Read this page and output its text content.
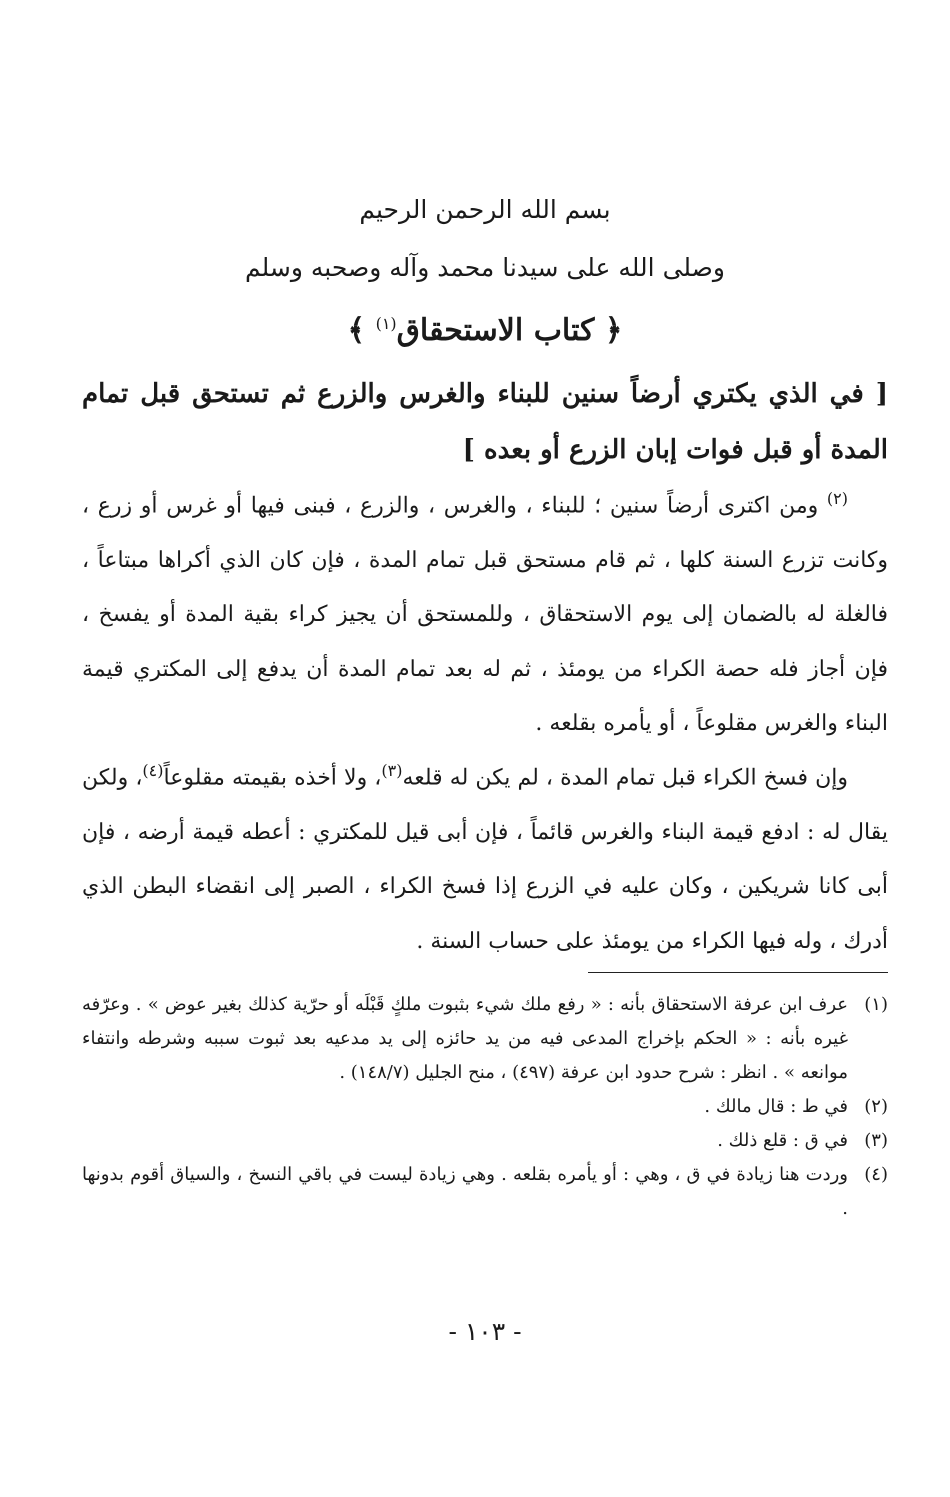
بسم الله الرحمن الرحيم
وصلى الله على سيدنا محمد وآله وصحبه وسلم
﴿ كتاب الاستحقاق$^{(١)}$ ﴾
[ في الذي يكتري أرضاً سنين للبناء والغرس والزرع ثم تستحق قبل تمام المدة أو قبل فوات إبان الزرع أو بعده ]

$^{(٢)}$ ومن اكترى أرضاً سنين ؛ للبناء ، والغرس ، والزرع ، فبنى فيها أو غرس أو زرع ، وكانت تزرع السنة كلها ، ثم قام مستحق قبل تمام المدة ، فإن كان الذي أكراها مبتاعاً ، فالغلة له بالضمان إلى يوم الاستحقاق ، وللمستحق أن يجيز كراء بقية المدة أو يفسخ ، فإن أجاز فله حصة الكراء من يومئذ ، ثم له بعد تمام المدة أن يدفع إلى المكتري قيمة البناء والغرس مقلوعاً ، أو يأمره بقلعه .

وإن فسخ الكراء قبل تمام المدة ، لم يكن له قلعه$^{(٣)}$، ولا أخذه بقيمته مقلوعاً$^{(٤)}$، ولكن يقال له : ادفع قيمة البناء والغرس قائماً ، فإن أبى قيل للمكتري : أعطه قيمة أرضه ، فإن أبى كانا شريكين ، وكان عليه في الزرع إذا فسخ الكراء ، الصبر إلى انقضاء البطن الذي أدرك ، وله فيها الكراء من يومئذ على حساب السنة .

(١)
عرف ابن عرفة الاستحقاق بأنه : « رفع ملك شيء بثبوت ملكٍ قَبْلَه أو حرّية كذلك بغير عوض » . وعرّفه غيره بأنه : « الحكم بإخراج المدعى فيه من يد حائزه إلى يد مدعيه بعد ثبوت سببه وشرطه وانتفاء موانعه » . انظر : شرح حدود ابن عرفة (٤٩٧) ، منح الجليل (١٤٨/٧) .
(٢)
في ط : قال مالك .
(٣)
في ق : قلع ذلك .
(٤)
وردت هنا زيادة في ق ، وهي : أو يأمره بقلعه . وهي زيادة ليست في باقي النسخ ، والسياق أقوم بدونها .
- ١٠٣ -
